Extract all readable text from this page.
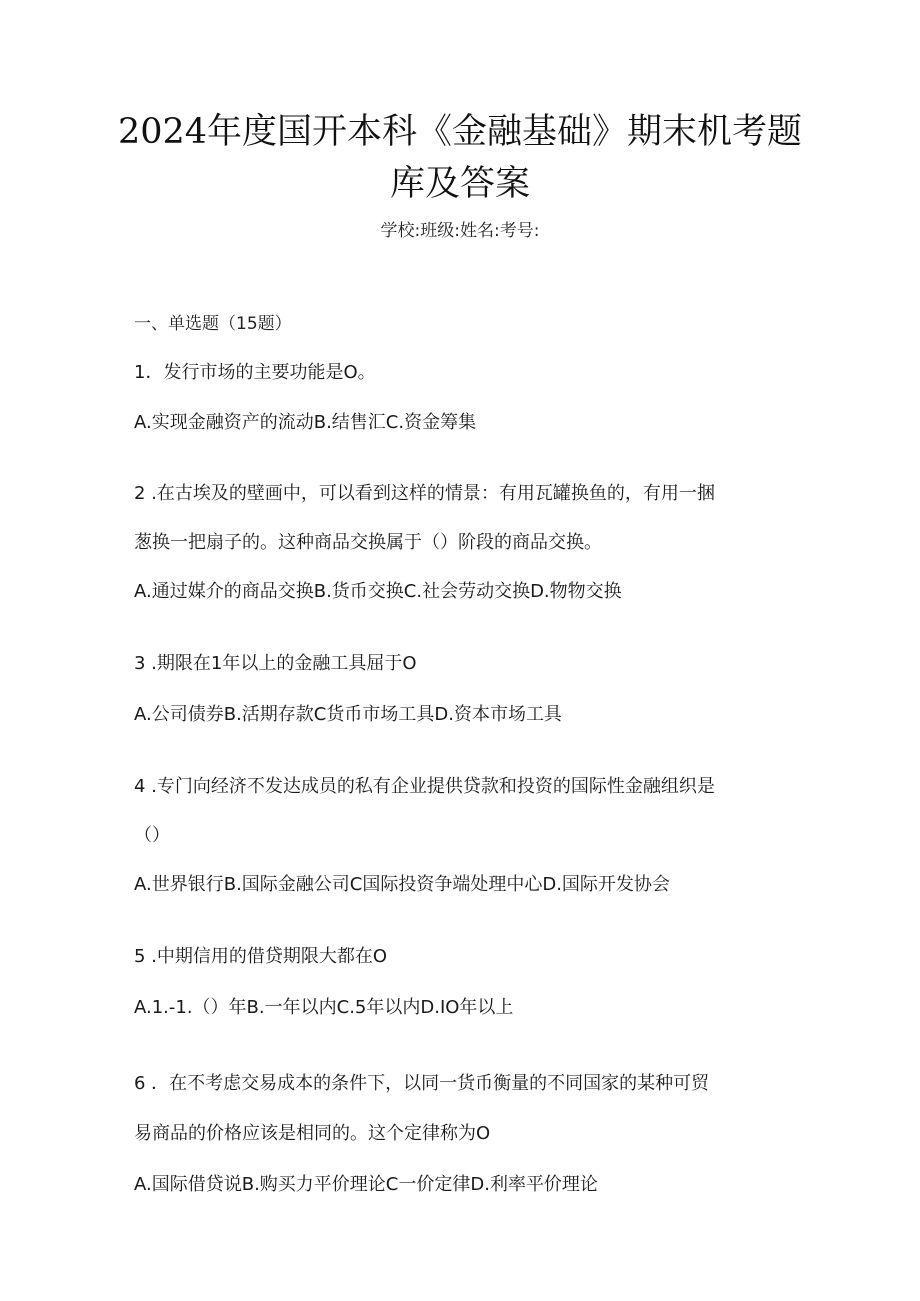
2024年度国开本科《金融基础》期末机考题
库及答案
学校:班级:姓名:考号:
一、单选题（15题）
1．发行市场的主要功能是O。
A.实现金融资产的流动B.结售汇C.资金筹集
2 .在古埃及的壁画中，可以看到这样的情景：有用瓦罐换鱼的，有用一捆
葱换一把扇子的。这种商品交换属于（）阶段的商品交换。
A.通过媒介的商品交换B.货币交换C.社会劳动交换D.物物交换
3 .期限在1年以上的金融工具屈于O
A.公司债券B.活期存款C货币市场工具D.资本市场工具
4 .专门向经济不发达成员的私有企业提供贷款和投资的国际性金融组织是
（）
A.世界银行B.国际金融公司C国际投资争端处理中心D.国际开发协会
5 .中期信用的借贷期限大都在O
A.1.-1.（）年B.一年以内C.5年以内D.IO年以上
6 ．在不考虑交易成本的条件下，以同一货币衡量的不同国家的某种可贸
易商品的价格应该是相同的。这个定律称为O
A.国际借贷说B.购买力平价理论C一价定律D.利率平价理论
